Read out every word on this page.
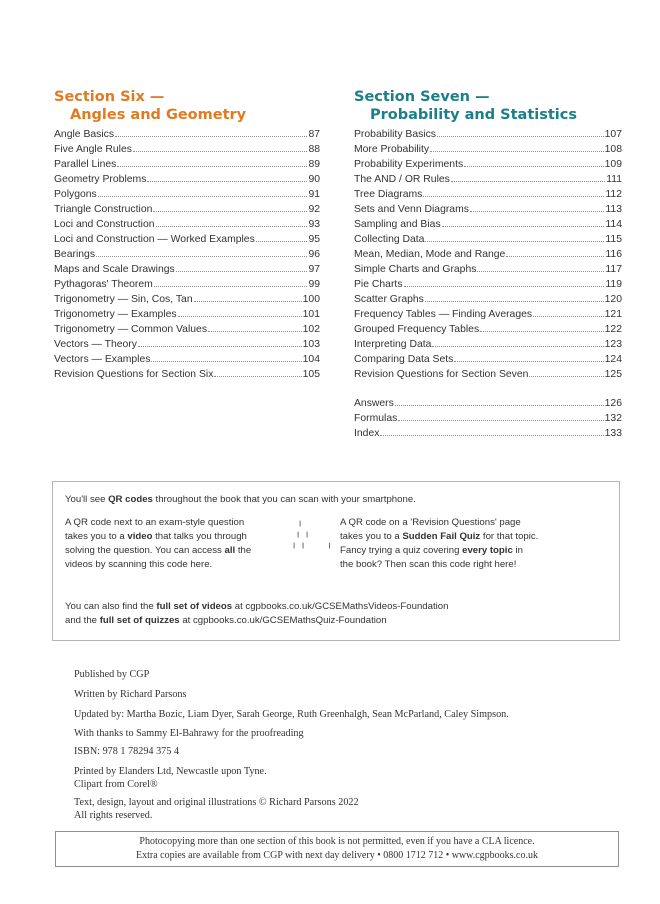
Section Six —
Angles and Geometry
Angle Basics	87
Five Angle Rules	88
Parallel Lines	89
Geometry Problems	90
Polygons	91
Triangle Construction	92
Loci and Construction	93
Loci and Construction — Worked Examples	95
Bearings	96
Maps and Scale Drawings	97
Pythagoras' Theorem	99
Trigonometry — Sin, Cos, Tan	100
Trigonometry — Examples	101
Trigonometry — Common Values	102
Vectors — Theory	103
Vectors — Examples	104
Revision Questions for Section Six	105
Section Seven —
Probability and Statistics
Probability Basics	107
More Probability	108
Probability Experiments	109
The AND / OR Rules	111
Tree Diagrams	112
Sets and Venn Diagrams	113
Sampling and Bias	114
Collecting Data	115
Mean, Median, Mode and Range	116
Simple Charts and Graphs	117
Pie Charts	119
Scatter Graphs	120
Frequency Tables — Finding Averages	121
Grouped Frequency Tables	122
Interpreting Data	123
Comparing Data Sets	124
Revision Questions for Section Seven	125
Answers	126
Formulas	132
Index	133
You'll see QR codes throughout the book that you can scan with your smartphone.
A QR code next to an exam-style question
takes you to a video that talks you through
solving the question. You can access all the
videos by scanning this code here.
╵
╵╵
╵╵   ╵
A QR code on a 'Revision Questions' page
takes you to a Sudden Fail Quiz for that topic.
Fancy trying a quiz covering every topic in
the book? Then scan this code right here!
You can also find the full set of videos at cgpbooks.co.uk/GCSEMathsVideos-Foundation
and the full set of quizzes at cgpbooks.co.uk/GCSEMathsQuiz-Foundation
Published by CGP
Written by Richard Parsons
Updated by: Martha Bozic, Liam Dyer, Sarah George, Ruth Greenhalgh, Sean McParland, Caley Simpson.
With thanks to Sammy El-Bahrawy for the proofreading
ISBN: 978 1 78294 375 4
Printed by Elanders Ltd, Newcastle upon Tyne.
Clipart from Corel®
Text, design, layout and original illustrations © Richard Parsons 2022
All rights reserved.
Photocopying more than one section of this book is not permitted, even if you have a CLA licence.
Extra copies are available from CGP with next day delivery • 0800 1712 712 • www.cgpbooks.co.uk
